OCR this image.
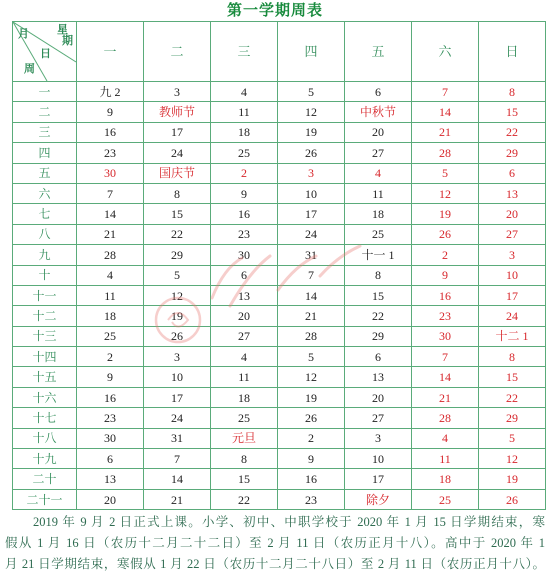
第一学期周表
月	星
期
日
周
一	二	三	四	五	六	日
一	九 2	3	4	5	6	7	8
二	9	教师节	11	12	中秋节	14	15
三	16	17	18	19	20	21	22
四	23	24	25	26	27	28	29
五	30	国庆节	2	3	4	5	6
六	7	8	9	10	11	12	13
七	14	15	16	17	18	19	20
八	21	22	23	24	25	26	27
九	28	29	30	31	十一 1	2	3
十	4	5	6	7	8	9	10
十一	11	12	13	14	15	16	17
十二	18	19	20	21	22	23	24
十三	25	26	27	28	29	30	十二 1
十四	2	3	4	5	6	7	8
十五	9	10	11	12	13	14	15
十六	16	17	18	19	20	21	22
十七	23	24	25	26	27	28	29
十八	30	31	元旦	2	3	4	5
十九	6	7	8	9	10	11	12
二十	13	14	15	16	17	18	19
二十一	20	21	22	23	除夕	25	26
2019 年 9 月 2 日正式上课。小学、初中、中职学校于 2020 年 1 月 15 日学期结束，寒
假从 1 月 16 日（农历十二月二十二日）至 2 月 11 日（农历正月十八）。高中于 2020 年 1
月 21 日学期结束，寒假从 1 月 22 日（农历十二月二十八日）至 2 月 11 日（农历正月十八）。
